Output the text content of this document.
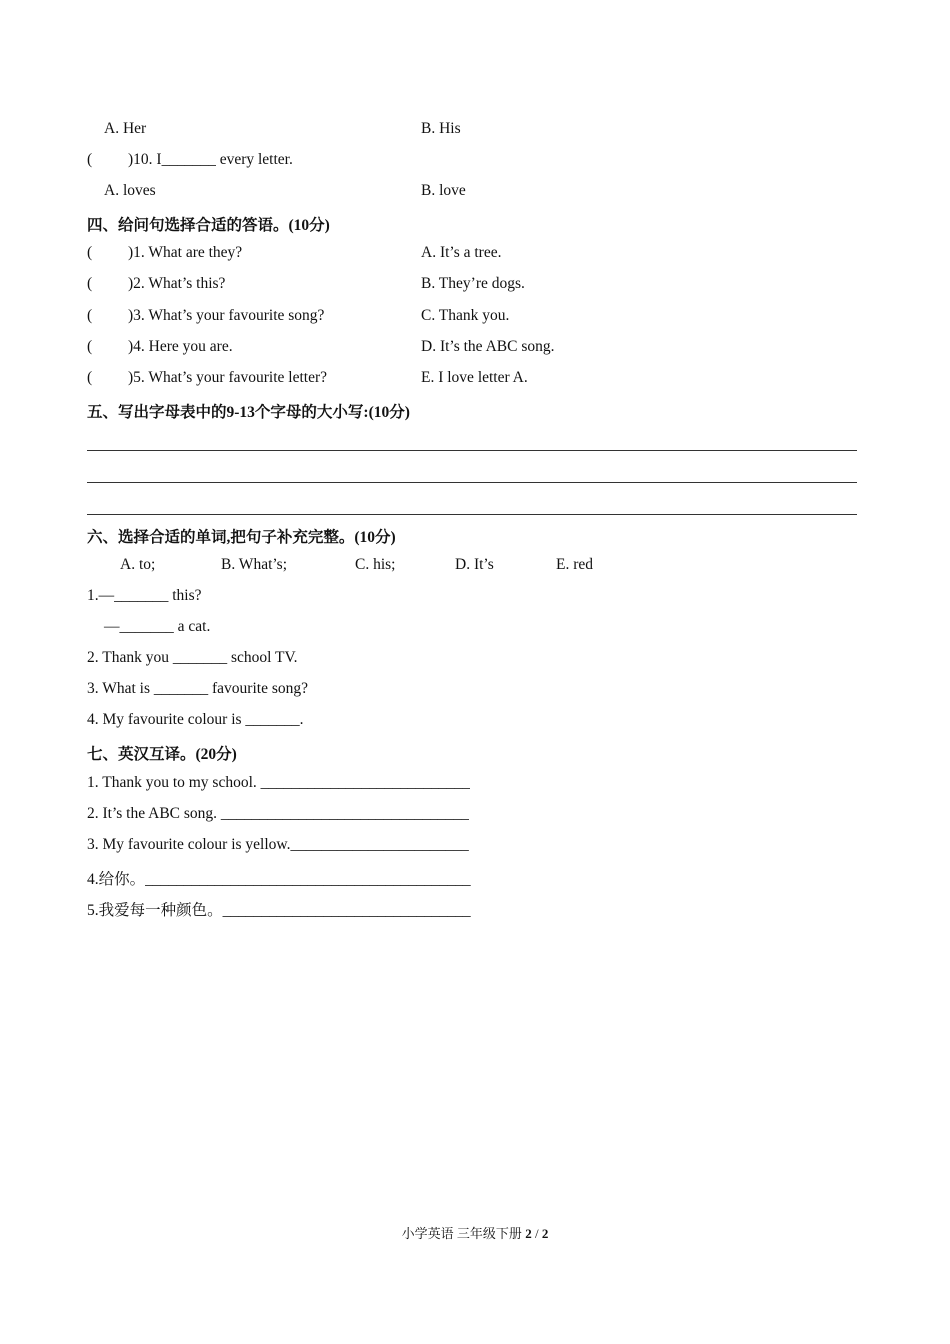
A. Her	B. His
( )10. I_______ every letter.
A. loves	B. love
四、给问句选择合适的答语。(10分)
( )1. What are they?	A. It’s a tree.
( )2. What’s this?	B. They’re dogs.
( )3. What’s your favourite song?	C. Thank you.
( )4. Here you are.	D. It’s the ABC song.
( )5. What’s your favourite letter?	E. I love letter A.
五、写出字母表中的9-13个字母的大小写:(10分)
六、选择合适的单词,把句子补充完整。(10分)
A. to;	B. What’s;	C. his;	D. It’s	E. red
1.—_______ this?
—_______ a cat.
2. Thank you _______ school TV.
3. What is _______ favourite song?
4. My favourite colour is _______.
七、英汉互译。(20分)
1. Thank you to my school. ___________________________
2. It’s the ABC song. ________________________________
3. My favourite colour is yellow._______________________
4.给你。__________________________________________
5.我爱每一种颜色。________________________________
小学英语 三年级下册 2 / 2
